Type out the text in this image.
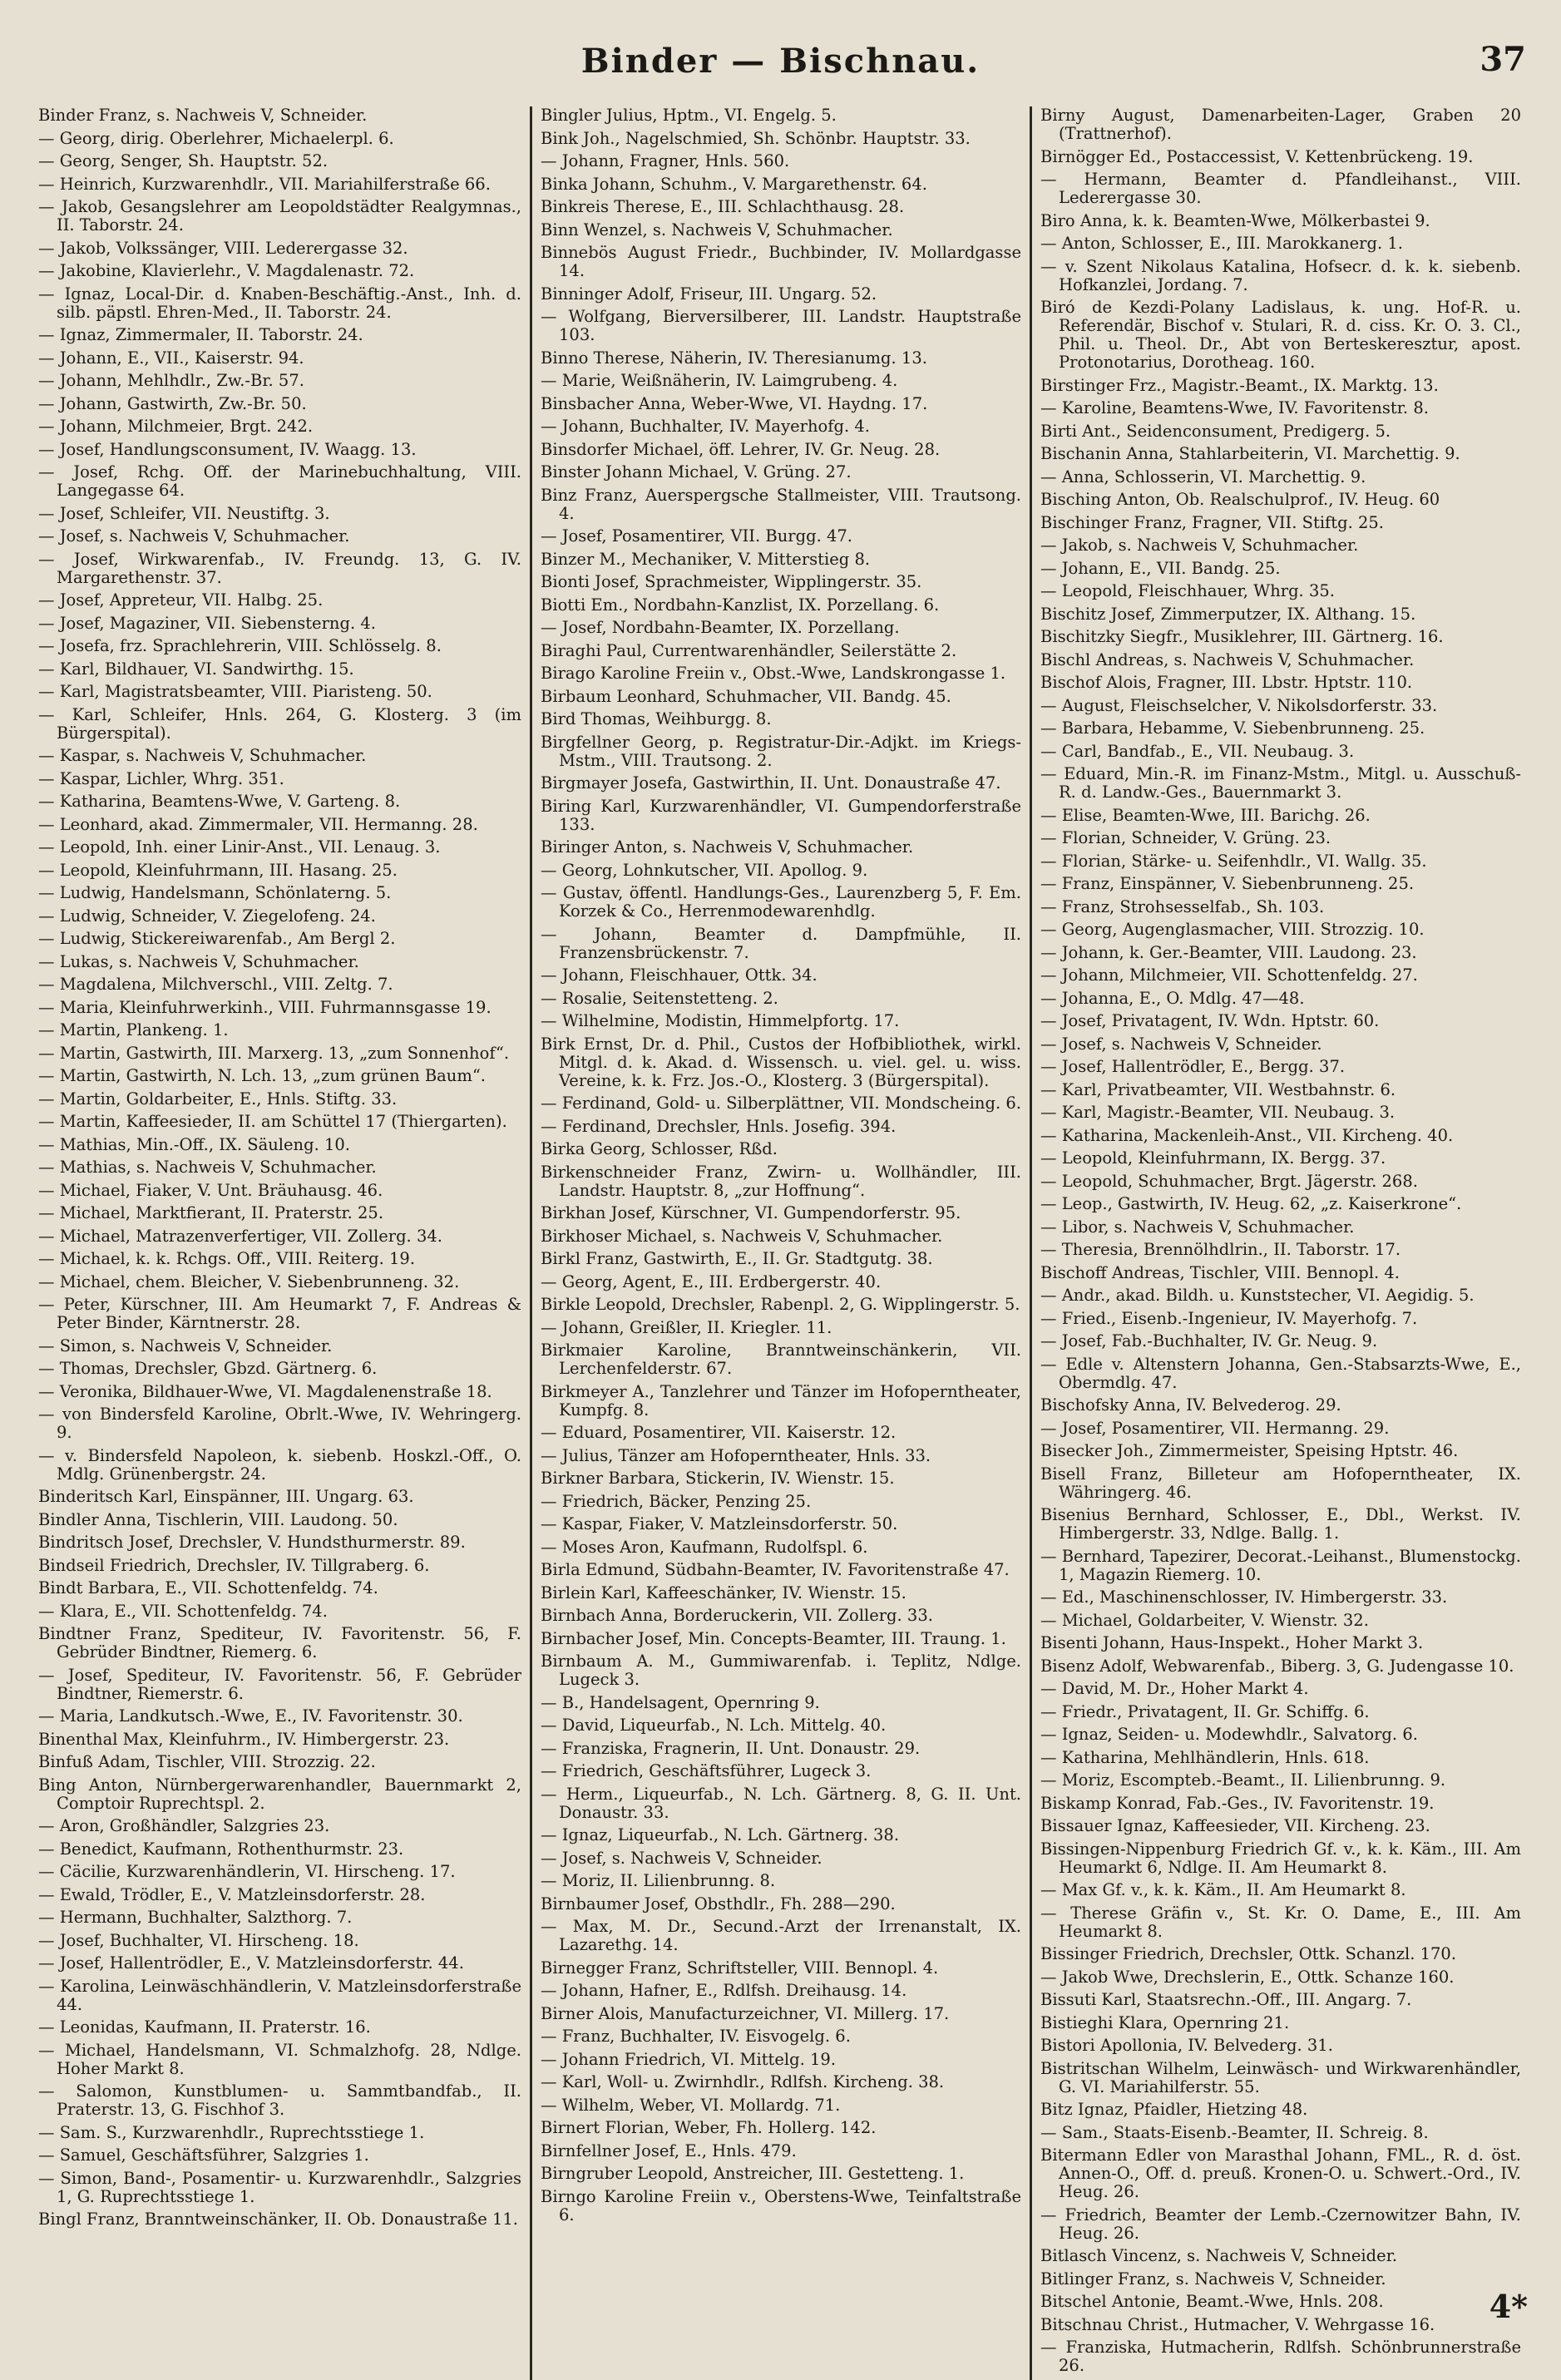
Binder — Bischnau.	37

Binder Franz, s. Nachweis V, Schneider.

— Georg, dirig. Oberlehrer, Michaelerpl. 6.

— Georg, Senger, Sh. Hauptstr. 52.

— Heinrich, Kurzwarenhdlr., VII. Mariahilferstraße 66.

— Jakob, Gesangslehrer am Leopoldstädter Realgymnas., II. Taborstr. 24.

— Jakob, Volkssänger, VIII. Lederergasse 32.

— Jakobine, Klavierlehr., V. Magdalenastr. 72.

— Ignaz, Local-Dir. d. Knaben-Beschäftig.-Anst., Inh. d. silb. päpstl. Ehren-Med., II. Taborstr. 24.

— Ignaz, Zimmermaler, II. Taborstr. 24.

— Johann, E., VII., Kaiserstr. 94.

— Johann, Mehlhdlr., Zw.-Br. 57.

— Johann, Gastwirth, Zw.-Br. 50.

— Johann, Milchmeier, Brgt. 242.

— Josef, Handlungsconsument, IV. Waagg. 13.

— Josef, Rchg. Off. der Marinebuchhaltung, VIII. Langegasse 64.

— Josef, Schleifer, VII. Neustiftg. 3.

— Josef, s. Nachweis V, Schuhmacher.

— Josef, Wirkwarenfab., IV. Freundg. 13, G. IV. Margarethenstr. 37.

— Josef, Appreteur, VII. Halbg. 25.

— Josef, Magaziner, VII. Siebensterng. 4.

— Josefa, frz. Sprachlehrerin, VIII. Schlösselg. 8.

— Karl, Bildhauer, VI. Sandwirthg. 15.

— Karl, Magistratsbeamter, VIII. Piaristeng. 50.

— Karl, Schleifer, Hnls. 264, G. Klosterg. 3 (im Bürgerspital).

— Kaspar, s. Nachweis V, Schuhmacher.

— Kaspar, Lichler, Whrg. 351.

— Katharina, Beamtens-Wwe, V. Garteng. 8.

— Leonhard, akad. Zimmermaler, VII. Hermanng. 28.

— Leopold, Inh. einer Linir-Anst., VII. Lenaug. 3.

— Leopold, Kleinfuhrmann, III. Hasang. 25.

— Ludwig, Handelsmann, Schönlaterng. 5.

— Ludwig, Schneider, V. Ziegelofeng. 24.

— Ludwig, Stickereiwarenfab., Am Bergl 2.

— Lukas, s. Nachweis V, Schuhmacher.

— Magdalena, Milchverschl., VIII. Zeltg. 7.

— Maria, Kleinfuhrwerkinh., VIII. Fuhrmannsgasse 19.

— Martin, Plankeng. 1.

— Martin, Gastwirth, III. Marxerg. 13, „zum Sonnenhof“.

— Martin, Gastwirth, N. Lch. 13, „zum grünen Baum“.

— Martin, Goldarbeiter, E., Hnls. Stiftg. 33.

— Martin, Kaffeesieder, II. am Schüttel 17 (Thiergarten).

— Mathias, Min.-Off., IX. Säuleng. 10.

— Mathias, s. Nachweis V, Schuhmacher.

— Michael, Fiaker, V. Unt. Bräuhausg. 46.

— Michael, Marktfierant, II. Praterstr. 25.

— Michael, Matrazenverfertiger, VII. Zollerg. 34.

— Michael, k. k. Rchgs. Off., VIII. Reiterg. 19.

— Michael, chem. Bleicher, V. Siebenbrunneng. 32.

— Peter, Kürschner, III. Am Heumarkt 7, F. Andreas & Peter Binder, Kärntnerstr. 28.

— Simon, s. Nachweis V, Schneider.

— Thomas, Drechsler, Gbzd. Gärtnerg. 6.

— Veronika, Bildhauer-Wwe, VI. Magdalenenstraße 18.

— von Bindersfeld Karoline, Obrlt.-Wwe, IV. Wehringerg. 9.

— v. Bindersfeld Napoleon, k. siebenb. Hoskzl.-Off., O. Mdlg. Grünenbergstr. 24.

Binderitsch Karl, Einspänner, III. Ungarg. 63.

Bindler Anna, Tischlerin, VIII. Laudong. 50.

Bindritsch Josef, Drechsler, V. Hundsthurmerstr. 89.

Bindseil Friedrich, Drechsler, IV. Tillgraberg. 6.

Bindt Barbara, E., VII. Schottenfeldg. 74.

— Klara, E., VII. Schottenfeldg. 74.

Bindtner Franz, Spediteur, IV. Favoritenstr. 56, F. Gebrüder Bindtner, Riemerg. 6.

— Josef, Spediteur, IV. Favoritenstr. 56, F. Gebrüder Bindtner, Riemerstr. 6.

— Maria, Landkutsch.-Wwe, E., IV. Favoritenstr. 30.

Binenthal Max, Kleinfuhrm., IV. Himbergerstr. 23.

Binfuß Adam, Tischler, VIII. Strozzig. 22.

Bing Anton, Nürnbergerwarenhandler, Bauernmarkt 2, Comptoir Ruprechtspl. 2.

— Aron, Großhändler, Salzgries 23.

— Benedict, Kaufmann, Rothenthurmstr. 23.

— Cäcilie, Kurzwarenhändlerin, VI. Hirscheng. 17.

— Ewald, Trödler, E., V. Matzleinsdorferstr. 28.

— Hermann, Buchhalter, Salzthorg. 7.

— Josef, Buchhalter, VI. Hirscheng. 18.

— Josef, Hallentrödler, E., V. Matzleinsdorferstr. 44.

— Karolina, Leinwäschhändlerin, V. Matzleinsdorferstraße 44.

— Leonidas, Kaufmann, II. Praterstr. 16.

— Michael, Handelsmann, VI. Schmalzhofg. 28, Ndlge. Hoher Markt 8.

— Salomon, Kunstblumen- u. Sammtbandfab., II. Praterstr. 13, G. Fischhof 3.

— Sam. S., Kurzwarenhdlr., Ruprechtsstiege 1.

— Samuel, Geschäftsführer, Salzgries 1.

— Simon, Band-, Posamentir- u. Kurzwarenhdlr., Salzgries 1, G. Ruprechtsstiege 1.

Bingl Franz, Branntweinschänker, II. Ob. Donaustraße 11.

Bingler Julius, Hptm., VI. Engelg. 5.

Bink Joh., Nagelschmied, Sh. Schönbr. Hauptstr. 33.

— Johann, Fragner, Hnls. 560.

Binka Johann, Schuhm., V. Margarethenstr. 64.

Binkreis Therese, E., III. Schlachthausg. 28.

Binn Wenzel, s. Nachweis V, Schuhmacher.

Binnebös August Friedr., Buchbinder, IV. Mollardgasse 14.

Binninger Adolf, Friseur, III. Ungarg. 52.

— Wolfgang, Bierversilberer, III. Landstr. Hauptstraße 103.

Binno Therese, Näherin, IV. Theresianumg. 13.

— Marie, Weißnäherin, IV. Laimgrubeng. 4.

Binsbacher Anna, Weber-Wwe, VI. Haydng. 17.

— Johann, Buchhalter, IV. Mayerhofg. 4.

Binsdorfer Michael, öff. Lehrer, IV. Gr. Neug. 28.

Binster Johann Michael, V. Grüng. 27.

Binz Franz, Auerspergsche Stallmeister, VIII. Trautsong. 4.

— Josef, Posamentirer, VII. Burgg. 47.

Binzer M., Mechaniker, V. Mitterstieg 8.

Bionti Josef, Sprachmeister, Wipplingerstr. 35.

Biotti Em., Nordbahn-Kanzlist, IX. Porzellang. 6.

— Josef, Nordbahn-Beamter, IX. Porzellang.

Biraghi Paul, Currentwarenhändler, Seilerstätte 2.

Birago Karoline Freiin v., Obst.-Wwe, Landskrongasse 1.

Birbaum Leonhard, Schuhmacher, VII. Bandg. 45.

Bird Thomas, Weihburgg. 8.

Birgfellner Georg, p. Registratur-Dir.-Adjkt. im Kriegs-Mstm., VIII. Trautsong. 2.

Birgmayer Josefa, Gastwirthin, II. Unt. Donaustraße 47.

Biring Karl, Kurzwarenhändler, VI. Gumpendorferstraße 133.

Biringer Anton, s. Nachweis V, Schuhmacher.

— Georg, Lohnkutscher, VII. Apollog. 9.

— Gustav, öffentl. Handlungs-Ges., Laurenzberg 5, F. Em. Korzek & Co., Herrenmodewarenhdlg.

— Johann, Beamter d. Dampfmühle, II. Franzensbrückenstr. 7.

— Johann, Fleischhauer, Ottk. 34.

— Rosalie, Seitenstetteng. 2.

— Wilhelmine, Modistin, Himmelpfortg. 17.

Birk Ernst, Dr. d. Phil., Custos der Hofbibliothek, wirkl. Mitgl. d. k. Akad. d. Wissensch. u. viel. gel. u. wiss. Vereine, k. k. Frz. Jos.-O., Klosterg. 3 (Bürgerspital).

— Ferdinand, Gold- u. Silberplättner, VII. Mondscheing. 6.

— Ferdinand, Drechsler, Hnls. Josefig. 394.

Birka Georg, Schlosser, Rßd.

Birkenschneider Franz, Zwirn- u. Wollhändler, III. Landstr. Hauptstr. 8, „zur Hoffnung“.

Birkhan Josef, Kürschner, VI. Gumpendorferstr. 95.

Birkhoser Michael, s. Nachweis V, Schuhmacher.

Birkl Franz, Gastwirth, E., II. Gr. Stadtgutg. 38.

— Georg, Agent, E., III. Erdbergerstr. 40.

Birkle Leopold, Drechsler, Rabenpl. 2, G. Wipplingerstr. 5.

— Johann, Greißler, II. Kriegler. 11.

Birkmaier Karoline, Branntweinschänkerin, VII. Lerchenfelderstr. 67.

Birkmeyer A., Tanzlehrer und Tänzer im Hofoperntheater, Kumpfg. 8.

— Eduard, Posamentirer, VII. Kaiserstr. 12.

— Julius, Tänzer am Hofoperntheater, Hnls. 33.

Birkner Barbara, Stickerin, IV. Wienstr. 15.

— Friedrich, Bäcker, Penzing 25.

— Kaspar, Fiaker, V. Matzleinsdorferstr. 50.

— Moses Aron, Kaufmann, Rudolfspl. 6.

Birla Edmund, Südbahn-Beamter, IV. Favoritenstraße 47.

Birlein Karl, Kaffeeschänker, IV. Wienstr. 15.

Birnbach Anna, Borderuckerin, VII. Zollerg. 33.

Birnbacher Josef, Min. Concepts-Beamter, III. Traung. 1.

Birnbaum A. M., Gummiwarenfab. i. Teplitz, Ndlge. Lugeck 3.

— B., Handelsagent, Opernring 9.

— David, Liqueurfab., N. Lch. Mittelg. 40.

— Franziska, Fragnerin, II. Unt. Donaustr. 29.

— Friedrich, Geschäftsführer, Lugeck 3.

— Herm., Liqueurfab., N. Lch. Gärtnerg. 8, G. II. Unt. Donaustr. 33.

— Ignaz, Liqueurfab., N. Lch. Gärtnerg. 38.

— Josef, s. Nachweis V, Schneider.

— Moriz, II. Lilienbrunng. 8.

Birnbaumer Josef, Obsthdlr., Fh. 288—290.

— Max, M. Dr., Secund.-Arzt der Irrenanstalt, IX. Lazarethg. 14.

Birnegger Franz, Schriftsteller, VIII. Bennopl. 4.

— Johann, Hafner, E., Rdlfsh. Dreihausg. 14.

Birner Alois, Manufacturzeichner, VI. Millerg. 17.

— Franz, Buchhalter, IV. Eisvogelg. 6.

— Johann Friedrich, VI. Mittelg. 19.

— Karl, Woll- u. Zwirnhdlr., Rdlfsh. Kircheng. 38.

— Wilhelm, Weber, VI. Mollardg. 71.

Birnert Florian, Weber, Fh. Hollerg. 142.

Birnfellner Josef, E., Hnls. 479.

Birngruber Leopold, Anstreicher, III. Gestetteng. 1.

Birngo Karoline Freiin v., Oberstens-Wwe, Teinfaltstraße 6.

Birny August, Damenarbeiten-Lager, Graben 20 (Trattnerhof).

Birnögger Ed., Postaccessist, V. Kettenbrückeng. 19.

— Hermann, Beamter d. Pfandleihanst., VIII. Lederergasse 30.

Biro Anna, k. k. Beamten-Wwe, Mölkerbastei 9.

— Anton, Schlosser, E., III. Marokkanerg. 1.

— v. Szent Nikolaus Katalina, Hofsecr. d. k. k. siebenb. Hofkanzlei, Jordang. 7.

Biró de Kezdi-Polany Ladislaus, k. ung. Hof-R. u. Referendär, Bischof v. Stulari, R. d. ciss. Kr. O. 3. Cl., Phil. u. Theol. Dr., Abt von Berteskeresztur, apost. Protonotarius, Dorotheag. 160.

Birstinger Frz., Magistr.-Beamt., IX. Marktg. 13.

— Karoline, Beamtens-Wwe, IV. Favoritenstr. 8.

Birti Ant., Seidenconsument, Predigerg. 5.

Bischanin Anna, Stahlarbeiterin, VI. Marchettig. 9.

— Anna, Schlosserin, VI. Marchettig. 9.

Bisching Anton, Ob. Realschulprof., IV. Heug. 60

Bischinger Franz, Fragner, VII. Stiftg. 25.

— Jakob, s. Nachweis V, Schuhmacher.

— Johann, E., VII. Bandg. 25.

— Leopold, Fleischhauer, Whrg. 35.

Bischitz Josef, Zimmerputzer, IX. Althang. 15.

Bischitzky Siegfr., Musiklehrer, III. Gärtnerg. 16.

Bischl Andreas, s. Nachweis V, Schuhmacher.

Bischof Alois, Fragner, III. Lbstr. Hptstr. 110.

— August, Fleischselcher, V. Nikolsdorferstr. 33.

— Barbara, Hebamme, V. Siebenbrunneng. 25.

— Carl, Bandfab., E., VII. Neubaug. 3.

— Eduard, Min.-R. im Finanz-Mstm., Mitgl. u. Ausschuß-R. d. Landw.-Ges., Bauernmarkt 3.

— Elise, Beamten-Wwe, III. Barichg. 26.

— Florian, Schneider, V. Grüng. 23.

— Florian, Stärke- u. Seifenhdlr., VI. Wallg. 35.

— Franz, Einspänner, V. Siebenbrunneng. 25.

— Franz, Strohsesselfab., Sh. 103.

— Georg, Augenglasmacher, VIII. Strozzig. 10.

— Johann, k. Ger.-Beamter, VIII. Laudong. 23.

— Johann, Milchmeier, VII. Schottenfeldg. 27.

— Johanna, E., O. Mdlg. 47—48.

— Josef, Privatagent, IV. Wdn. Hptstr. 60.

— Josef, s. Nachweis V, Schneider.

— Josef, Hallentrödler, E., Bergg. 37.

— Karl, Privatbeamter, VII. Westbahnstr. 6.

— Karl, Magistr.-Beamter, VII. Neubaug. 3.

— Katharina, Mackenleih-Anst., VII. Kircheng. 40.

— Leopold, Kleinfuhrmann, IX. Bergg. 37.

— Leopold, Schuhmacher, Brgt. Jägerstr. 268.

— Leop., Gastwirth, IV. Heug. 62, „z. Kaiserkrone“.

— Libor, s. Nachweis V, Schuhmacher.

— Theresia, Brennölhdlrin., II. Taborstr. 17.

Bischoff Andreas, Tischler, VIII. Bennopl. 4.

— Andr., akad. Bildh. u. Kunststecher, VI. Aegidig. 5.

— Fried., Eisenb.-Ingenieur, IV. Mayerhofg. 7.

— Josef, Fab.-Buchhalter, IV. Gr. Neug. 9.

— Edle v. Altenstern Johanna, Gen.-Stabsarzts-Wwe, E., Obermdlg. 47.

Bischofsky Anna, IV. Belvederog. 29.

— Josef, Posamentirer, VII. Hermanng. 29.

Bisecker Joh., Zimmermeister, Speising Hptstr. 46.

Bisell Franz, Billeteur am Hofoperntheater, IX. Währingerg. 46.

Bisenius Bernhard, Schlosser, E., Dbl., Werkst. IV. Himbergerstr. 33, Ndlge. Ballg. 1.

— Bernhard, Tapezirer, Decorat.-Leihanst., Blumenstockg. 1, Magazin Riemerg. 10.

— Ed., Maschinenschlosser, IV. Himbergerstr. 33.

— Michael, Goldarbeiter, V. Wienstr. 32.

Bisenti Johann, Haus-Inspekt., Hoher Markt 3.

Bisenz Adolf, Webwarenfab., Biberg. 3, G. Judengasse 10.

— David, M. Dr., Hoher Markt 4.

— Friedr., Privatagent, II. Gr. Schiffg. 6.

— Ignaz, Seiden- u. Modewhdlr., Salvatorg. 6.

— Katharina, Mehlhändlerin, Hnls. 618.

— Moriz, Escompteb.-Beamt., II. Lilienbrunng. 9.

Biskamp Konrad, Fab.-Ges., IV. Favoritenstr. 19.

Bissauer Ignaz, Kaffeesieder, VII. Kircheng. 23.

Bissingen-Nippenburg Friedrich Gf. v., k. k. Käm., III. Am Heumarkt 6, Ndlge. II. Am Heumarkt 8.

— Max Gf. v., k. k. Käm., II. Am Heumarkt 8.

— Therese Gräfin v., St. Kr. O. Dame, E., III. Am Heumarkt 8.

Bissinger Friedrich, Drechsler, Ottk. Schanzl. 170.

— Jakob Wwe, Drechslerin, E., Ottk. Schanze 160.

Bissuti Karl, Staatsrechn.-Off., III. Angarg. 7.

Bistieghi Klara, Opernring 21.

Bistori Apollonia, IV. Belvederg. 31.

Bistritschan Wilhelm, Leinwäsch- und Wirkwarenhändler, G. VI. Mariahilferstr. 55.

Bitz Ignaz, Pfaidler, Hietzing 48.

— Sam., Staats-Eisenb.-Beamter, II. Schreig. 8.

Bitermann Edler von Marasthal Johann, FML., R. d. öst. Annen-O., Off. d. preuß. Kronen-O. u. Schwert.-Ord., IV. Heug. 26.

— Friedrich, Beamter der Lemb.-Czernowitzer Bahn, IV. Heug. 26.

Bitlasch Vincenz, s. Nachweis V, Schneider.

Bitlinger Franz, s. Nachweis V, Schneider.

Bitschel Antonie, Beamt.-Wwe, Hnls. 208.

Bitschnau Christ., Hutmacher, V. Wehrgasse 16.

— Franziska, Hutmacherin, Rdlfsh. Schönbrunnerstraße 26.

4*
